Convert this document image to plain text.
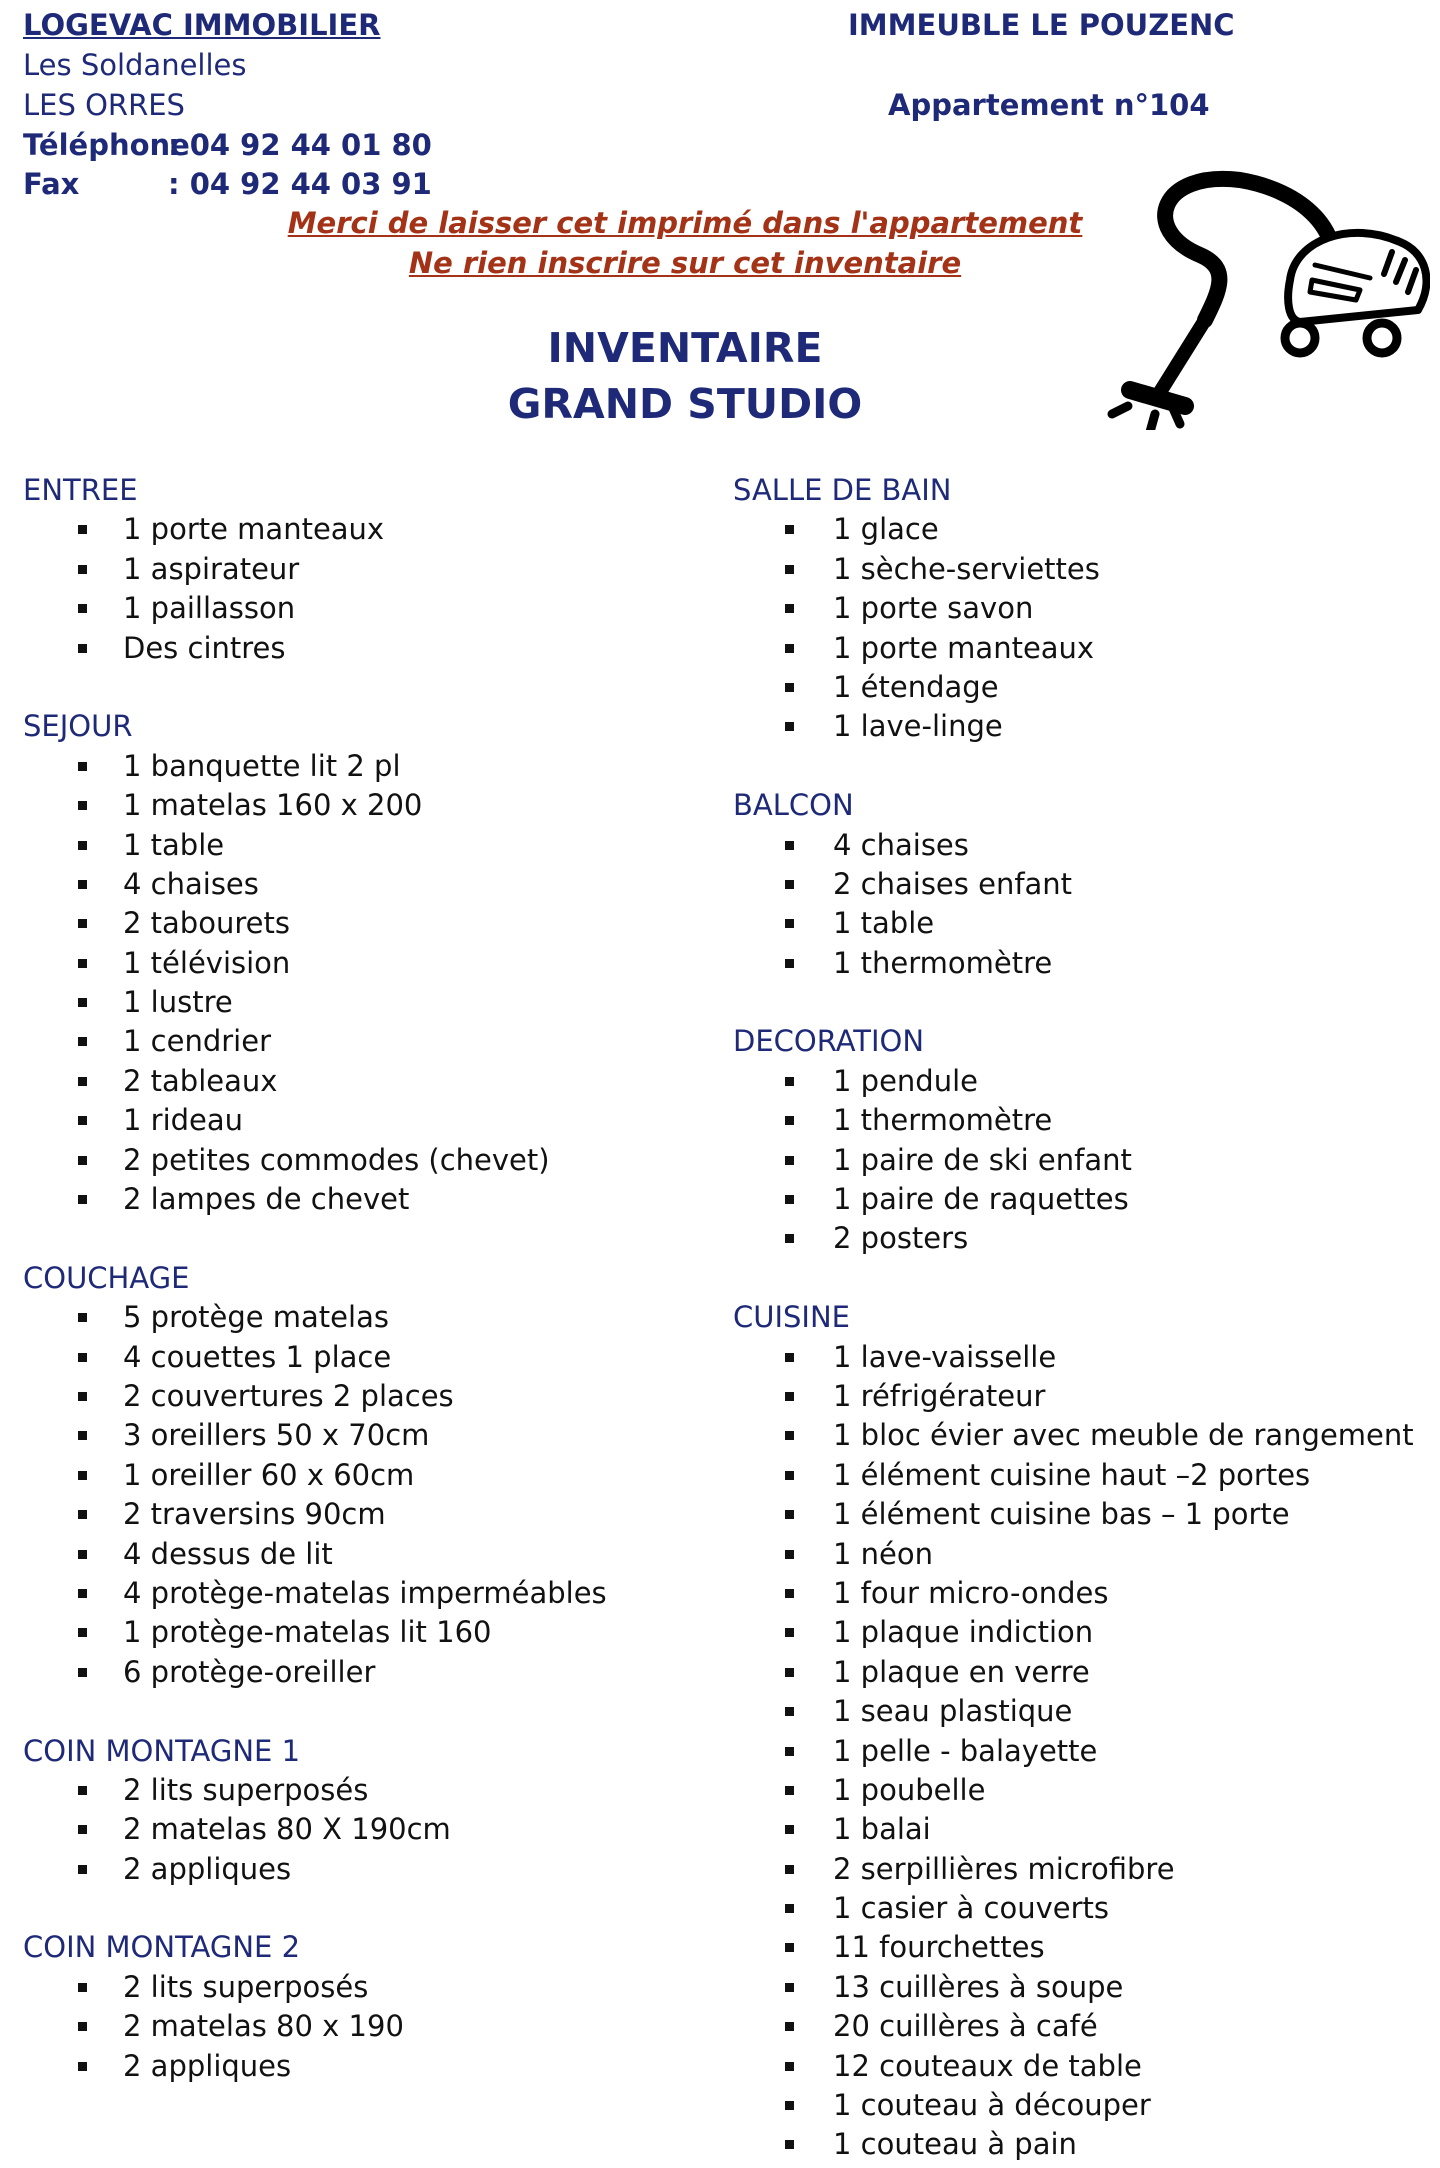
LOGEVAC IMMOBILIER
Les Soldanelles
LES ORRES
Téléphone
: 04 92 44 01 80
Fax	: 04 92 44 03 91
IMMEUBLE LE POUZENC
Appartement n°104
Merci de laisser cet imprimé dans l'appartement
Ne rien inscrire sur cet inventaire
INVENTAIRE
GRAND STUDIO
ENTREE
1 porte manteaux
1 aspirateur
1 paillasson
Des cintres
SEJOUR
1 banquette lit 2 pl
1 matelas 160 x 200
1 table
4 chaises
2 tabourets
1 télévision
1 lustre
1 cendrier
2 tableaux
1 rideau
2 petites commodes (chevet)
2 lampes de chevet
COUCHAGE
5 protège matelas
4 couettes 1 place
2 couvertures 2 places
3 oreillers 50 x 70cm
1 oreiller 60 x 60cm
2 traversins 90cm
4 dessus de lit
4 protège-matelas imperméables
1 protège-matelas lit 160
6 protège-oreiller
COIN MONTAGNE 1
2 lits superposés
2 matelas 80 X 190cm
2 appliques
COIN MONTAGNE 2
2 lits superposés
2 matelas 80 x 190
2 appliques
SALLE DE BAIN
1 glace
1 sèche-serviettes
1 porte savon
1 porte manteaux
1 étendage
1 lave-linge
BALCON
4 chaises
2 chaises enfant
1 table
1 thermomètre
DECORATION
1 pendule
1 thermomètre
1 paire de ski enfant
1 paire de raquettes
2 posters
CUISINE
1 lave-vaisselle
1 réfrigérateur
1 bloc évier avec meuble de rangement
1 élément cuisine haut –2 portes
1 élément cuisine bas – 1 porte
1 néon
1 four micro-ondes
1 plaque indiction
1 plaque en verre
1 seau plastique
1 pelle - balayette
1 poubelle
1 balai
2 serpillières microfibre
1 casier à couverts
11 fourchettes
13 cuillères à soupe
20 cuillères à café
12 couteaux de table
1 couteau à découper
1 couteau à pain
